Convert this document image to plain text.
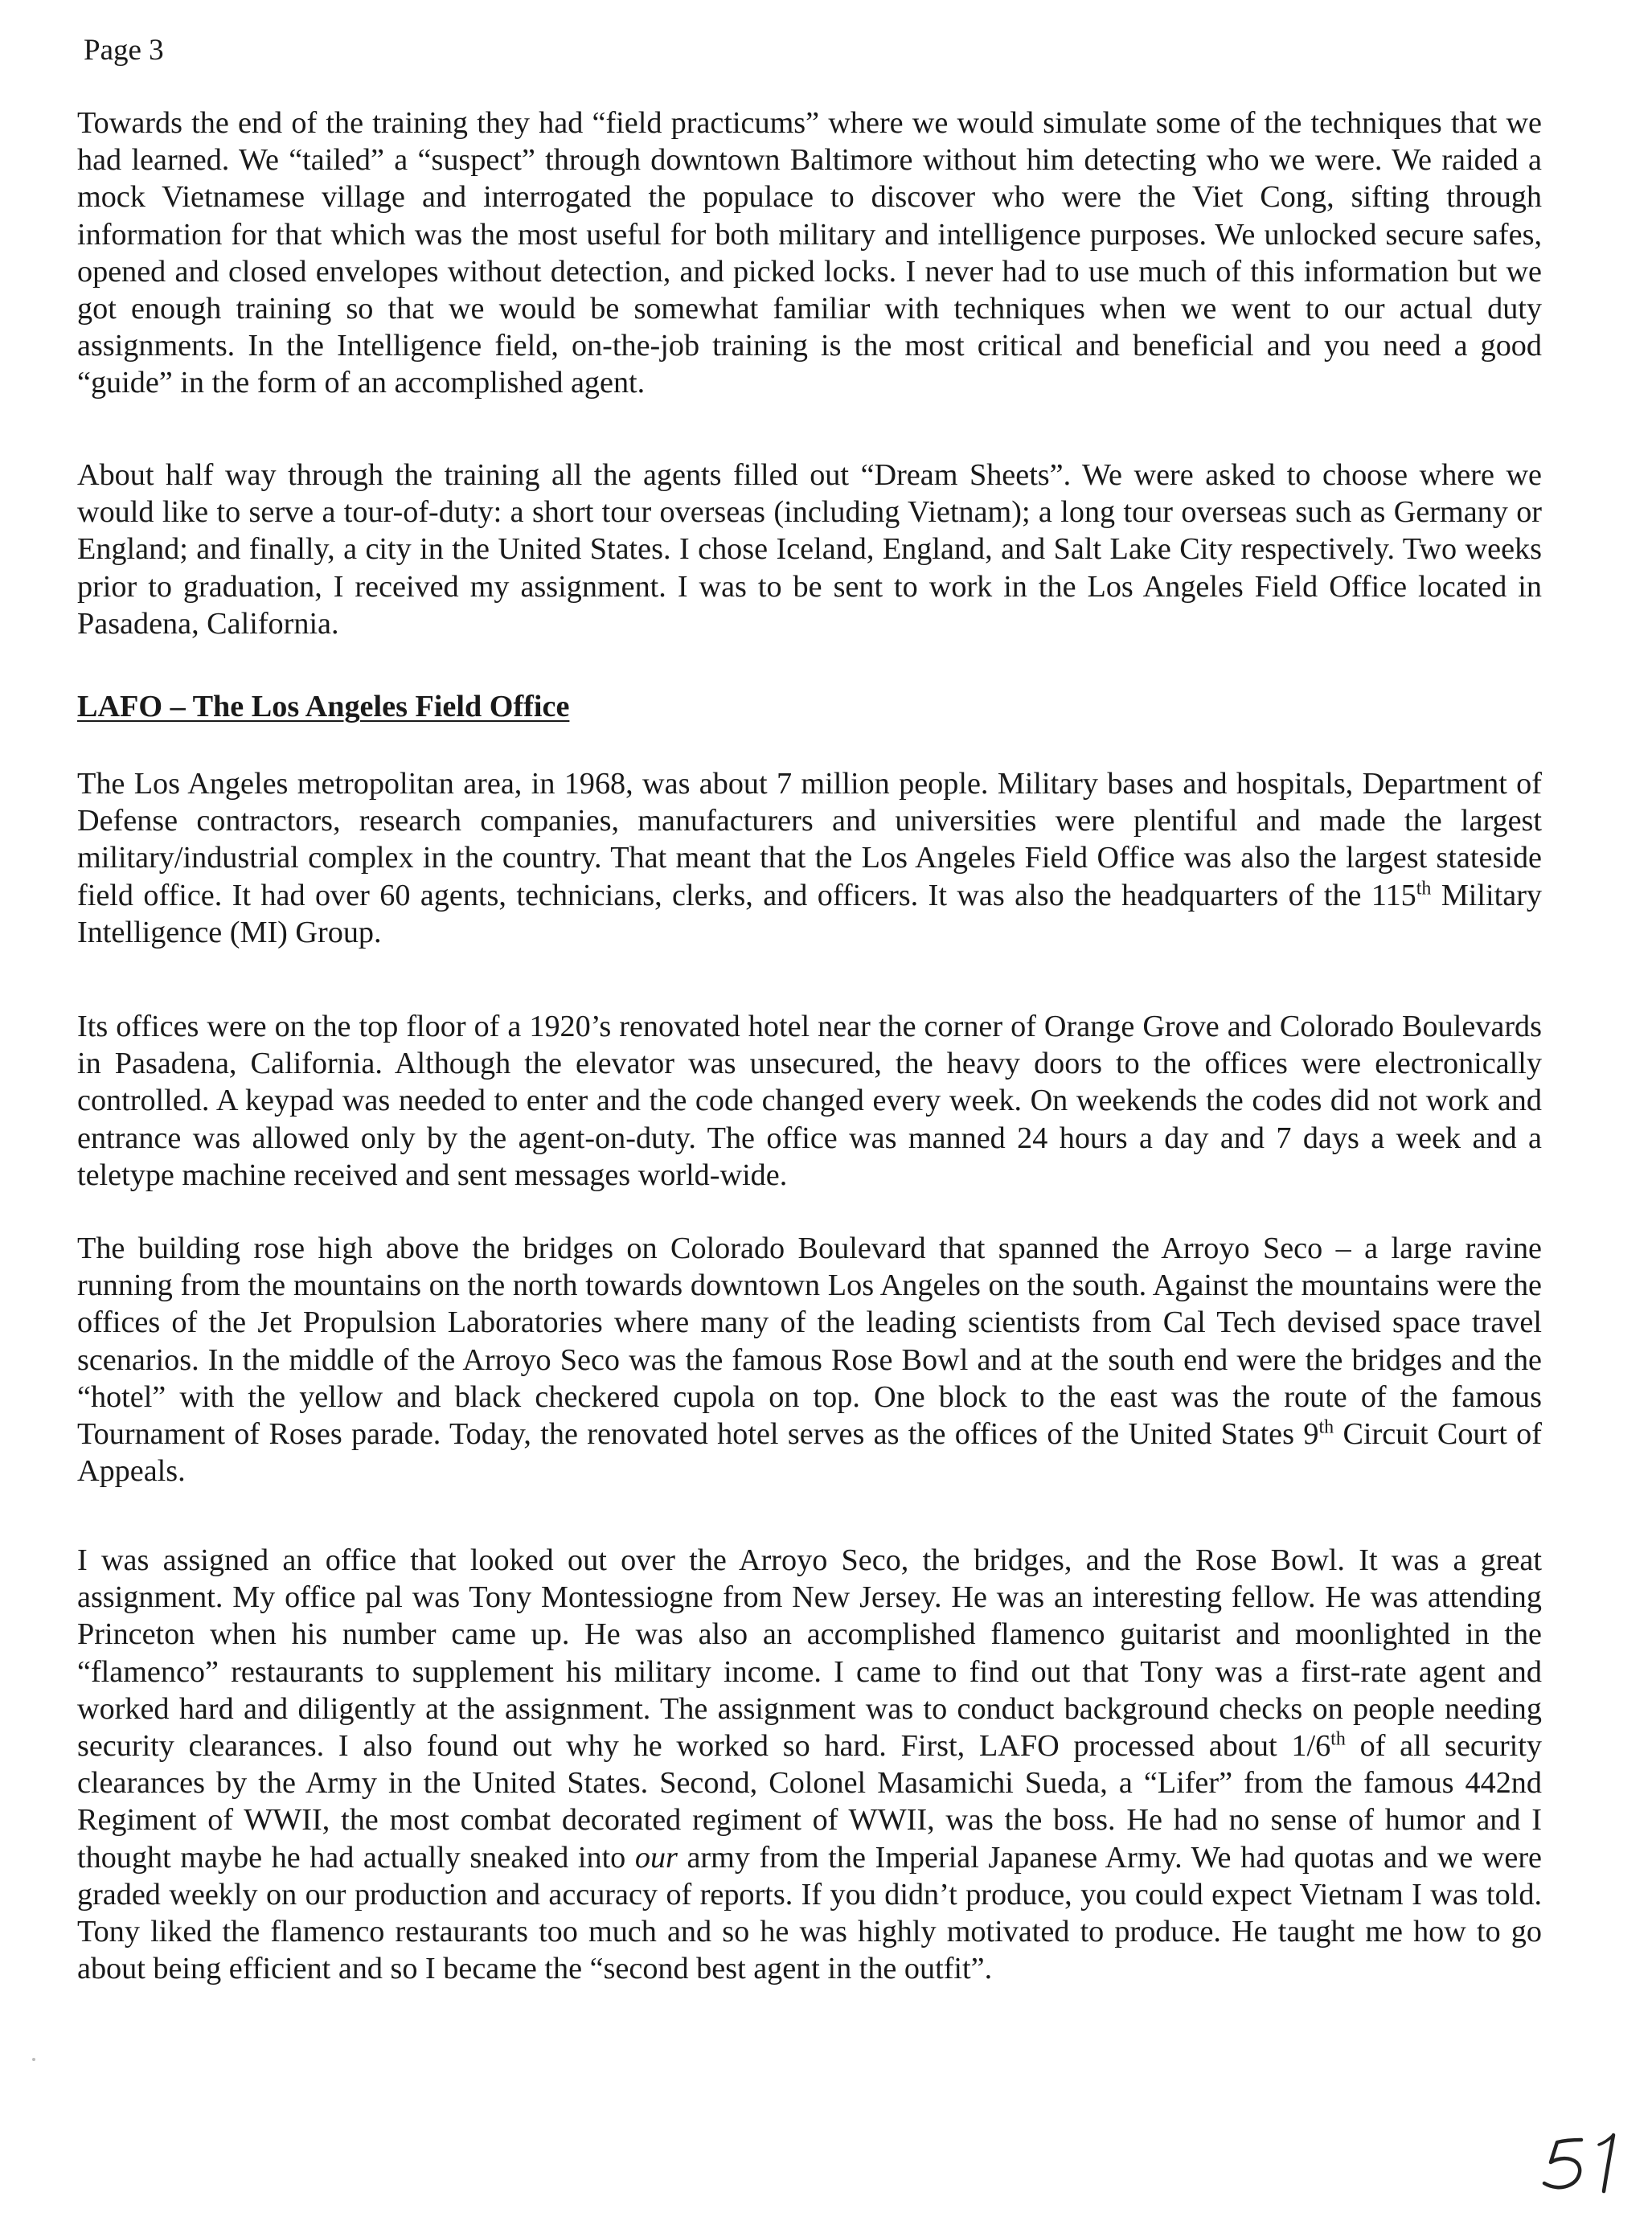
Page 3

Towards the end of the training they had “field practicums” where we would simulate some of the techniques that we had learned. We “tailed” a “suspect” through downtown Baltimore without him detecting who we were. We raided a mock Vietnamese village and interrogated the populace to discover who were the Viet Cong, sifting through information for that which was the most useful for both military and intelligence purposes. We unlocked secure safes, opened and closed envelopes without detection, and picked locks. I never had to use much of this information but we got enough training so that we would be somewhat familiar with techniques when we went to our actual duty assignments. In the Intelligence field, on-the-job training is the most critical and beneficial and you need a good “guide” in the form of an accomplished agent.

About half way through the training all the agents filled out “Dream Sheets”. We were asked to choose where we would like to serve a tour-of-duty: a short tour overseas (including Vietnam); a long tour overseas such as Germany or England; and finally, a city in the United States. I chose Iceland, England, and Salt Lake City respectively. Two weeks prior to graduation, I received my assignment. I was to be sent to work in the Los Angeles Field Office located in Pasadena, California.

LAFO – The Los Angeles Field Office

The Los Angeles metropolitan area, in 1968, was about 7 million people. Military bases and hospitals, Department of Defense contractors, research companies, manufacturers and universities were plentiful and made the largest military/industrial complex in the country. That meant that the Los Angeles Field Office was also the largest stateside field office. It had over 60 agents, technicians, clerks, and officers. It was also the headquarters of the 115th Military Intelligence (MI) Group.

Its offices were on the top floor of a 1920’s renovated hotel near the corner of Orange Grove and Colorado Boulevards in Pasadena, California. Although the elevator was unsecured, the heavy doors to the offices were electronically controlled. A keypad was needed to enter and the code changed every week. On weekends the codes did not work and entrance was allowed only by the agent-on-duty. The office was manned 24 hours a day and 7 days a week and a teletype machine received and sent messages world-wide.

The building rose high above the bridges on Colorado Boulevard that spanned the Arroyo Seco – a large ravine running from the mountains on the north towards downtown Los Angeles on the south. Against the mountains were the offices of the Jet Propulsion Laboratories where many of the leading scientists from Cal Tech devised space travel scenarios. In the middle of the Arroyo Seco was the famous Rose Bowl and at the south end were the bridges and the “hotel” with the yellow and black checkered cupola on top. One block to the east was the route of the famous Tournament of Roses parade. Today, the renovated hotel serves as the offices of the United States 9th Circuit Court of Appeals.

I was assigned an office that looked out over the Arroyo Seco, the bridges, and the Rose Bowl. It was a great assignment. My office pal was Tony Montessiogne from New Jersey. He was an interesting fellow. He was attending Princeton when his number came up. He was also an accomplished flamenco guitarist and moonlighted in the “flamenco” restaurants to supplement his military income. I came to find out that Tony was a first-rate agent and worked hard and diligently at the assignment. The assignment was to conduct background checks on people needing security clearances. I also found out why he worked so hard. First, LAFO processed about 1/6th of all security clearances by the Army in the United States. Second, Colonel Masamichi Sueda, a “Lifer” from the famous 442nd Regiment of WWII, the most combat decorated regiment of WWII, was the boss. He had no sense of humor and I thought maybe he had actually sneaked into our army from the Imperial Japanese Army. We had quotas and we were graded weekly on our production and accuracy of reports. If you didn’t produce, you could expect Vietnam I was told. Tony liked the flamenco restaurants too much and so he was highly motivated to produce. He taught me how to go about being efficient and so I became the “second best agent in the outfit”.
